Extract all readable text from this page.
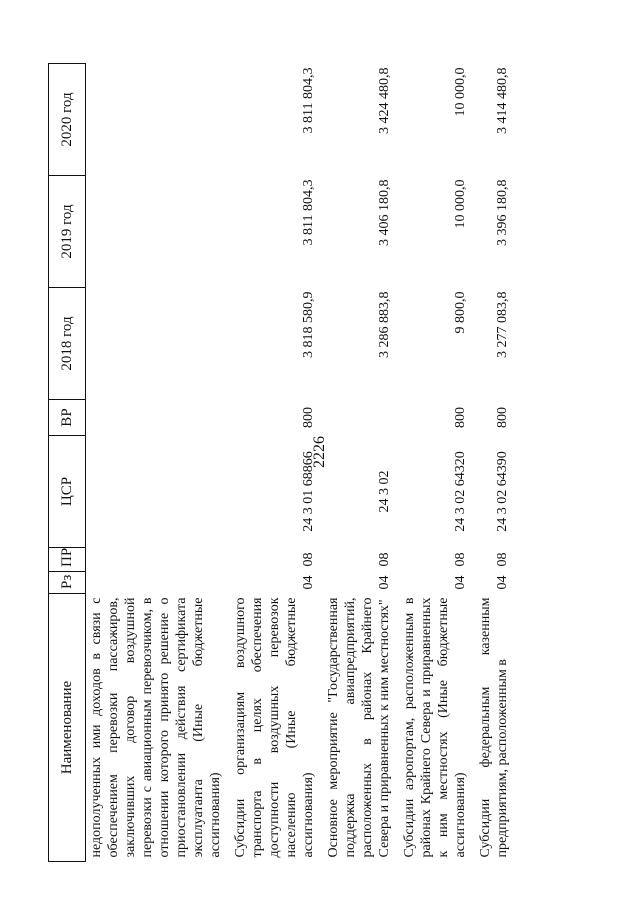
2226
Наименование	Рз	ПР	ЦСР	ВР	2018 год	2019 год	2020 год
недополученных ими доходов в связи с обеспечением перевозки пассажиров, заключивших договор воздушной перевозки с авиационным перевозчиком, в отношении которого принято решение о приостановлении действия сертификата эксплуатанта (Иные бюджетные ассигнования)							
Субсидии организациям воздушного транспорта в целях обеспечения доступности воздушных перевозок населению (Иные бюджетные ассигнования)	04	08	24 3 01 68866	800	3 818 580,9	3 811 804,3	3 811 804,3
Основное мероприятие "Государственная поддержка авиапредприятий, расположенных в районах Крайнего Севера и приравненных к ним местностях"	04	08	24 3 02		3 286 883,8	3 406 180,8	3 424 480,8
Субсидии аэропортам, расположенным в районах Крайнего Севера и приравненных к ним местностях (Иные бюджетные ассигнования)	04	08	24 3 02 64320	800	9 800,0	10 000,0	10 000,0
Субсидии федеральным казенным предприятиям, расположенным в	04	08	24 3 02 64390	800	3 277 083,8	3 396 180,8	3 414 480,8
